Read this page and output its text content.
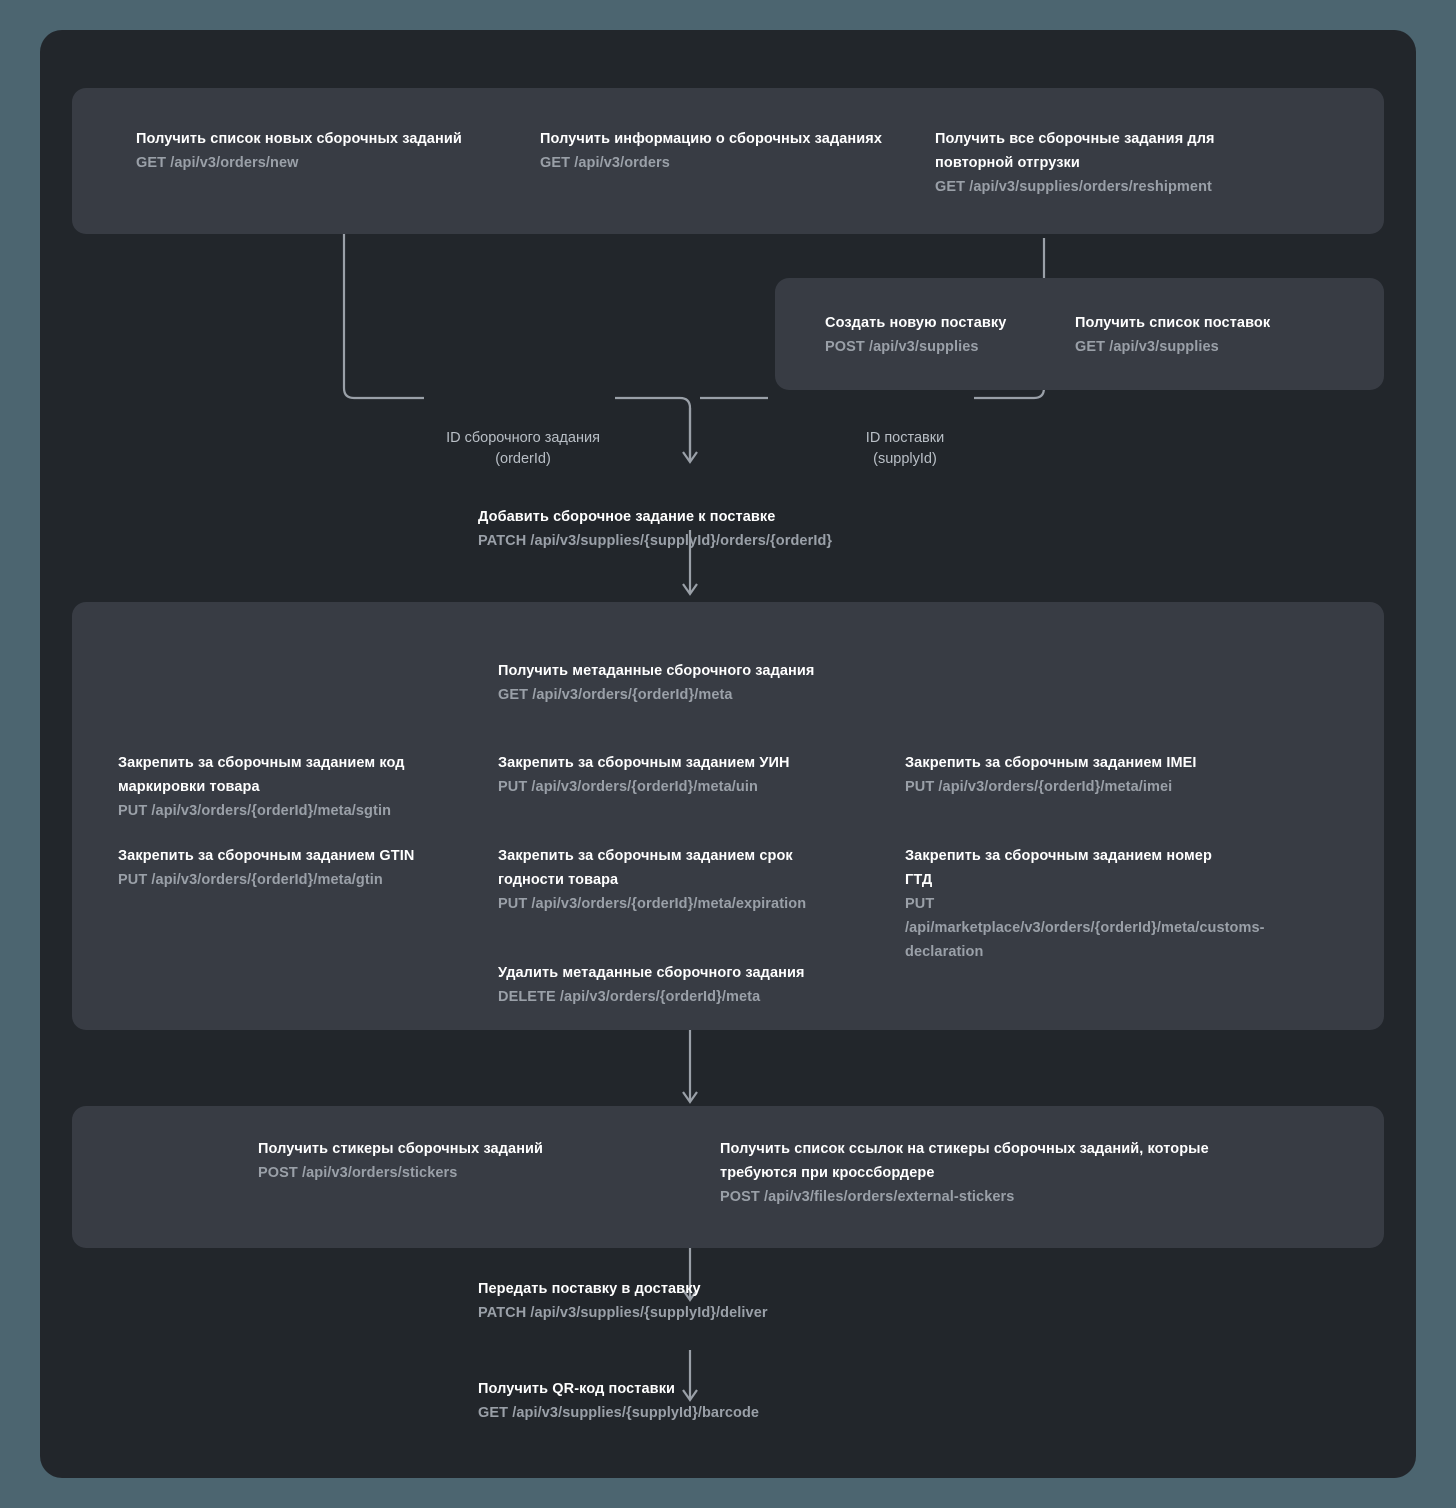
Получить список новых сборочных заданий
GET /api/v3/orders/new
Получить информацию о сборочных заданиях
GET /api/v3/orders
Получить все сборочные задания для повторной отгрузки
GET /api/v3/supplies/orders/reshipment
Создать новую поставку
POST /api/v3/supplies
Получить список поставок
GET /api/v3/supplies
ID сборочного задания
(orderId)
ID поставки
(supplyId)
Добавить сборочное задание к поставке
PATCH /api/v3/supplies/{supplyId}/orders/{orderId}
Получить метаданные сборочного задания
GET /api/v3/orders/{orderId}/meta
Закрепить за сборочным заданием код маркировки товара
PUT /api/v3/orders/{orderId}/meta/sgtin
Закрепить за сборочным заданием GTIN
PUT /api/v3/orders/{orderId}/meta/gtin
Закрепить за сборочным заданием УИН
PUT /api/v3/orders/{orderId}/meta/uin
Закрепить за сборочным заданием срок годности товара
PUT /api/v3/orders/{orderId}/meta/expiration
Удалить метаданные сборочного задания
DELETE /api/v3/orders/{orderId}/meta
Закрепить за сборочным заданием IMEI
PUT /api/v3/orders/{orderId}/meta/imei
Закрепить за сборочным заданием номер ГТД
PUT /api/marketplace/v3/orders/{orderId}/meta/customs-declaration
Получить стикеры сборочных заданий
POST /api/v3/orders/stickers
Получить список ссылок на стикеры сборочных заданий, которые требуются при кроссбордере
POST /api/v3/files/orders/external-stickers
Передать поставку в доставку
PATCH /api/v3/supplies/{supplyId}/deliver
Получить QR-код поставки
GET /api/v3/supplies/{supplyId}/barcode
